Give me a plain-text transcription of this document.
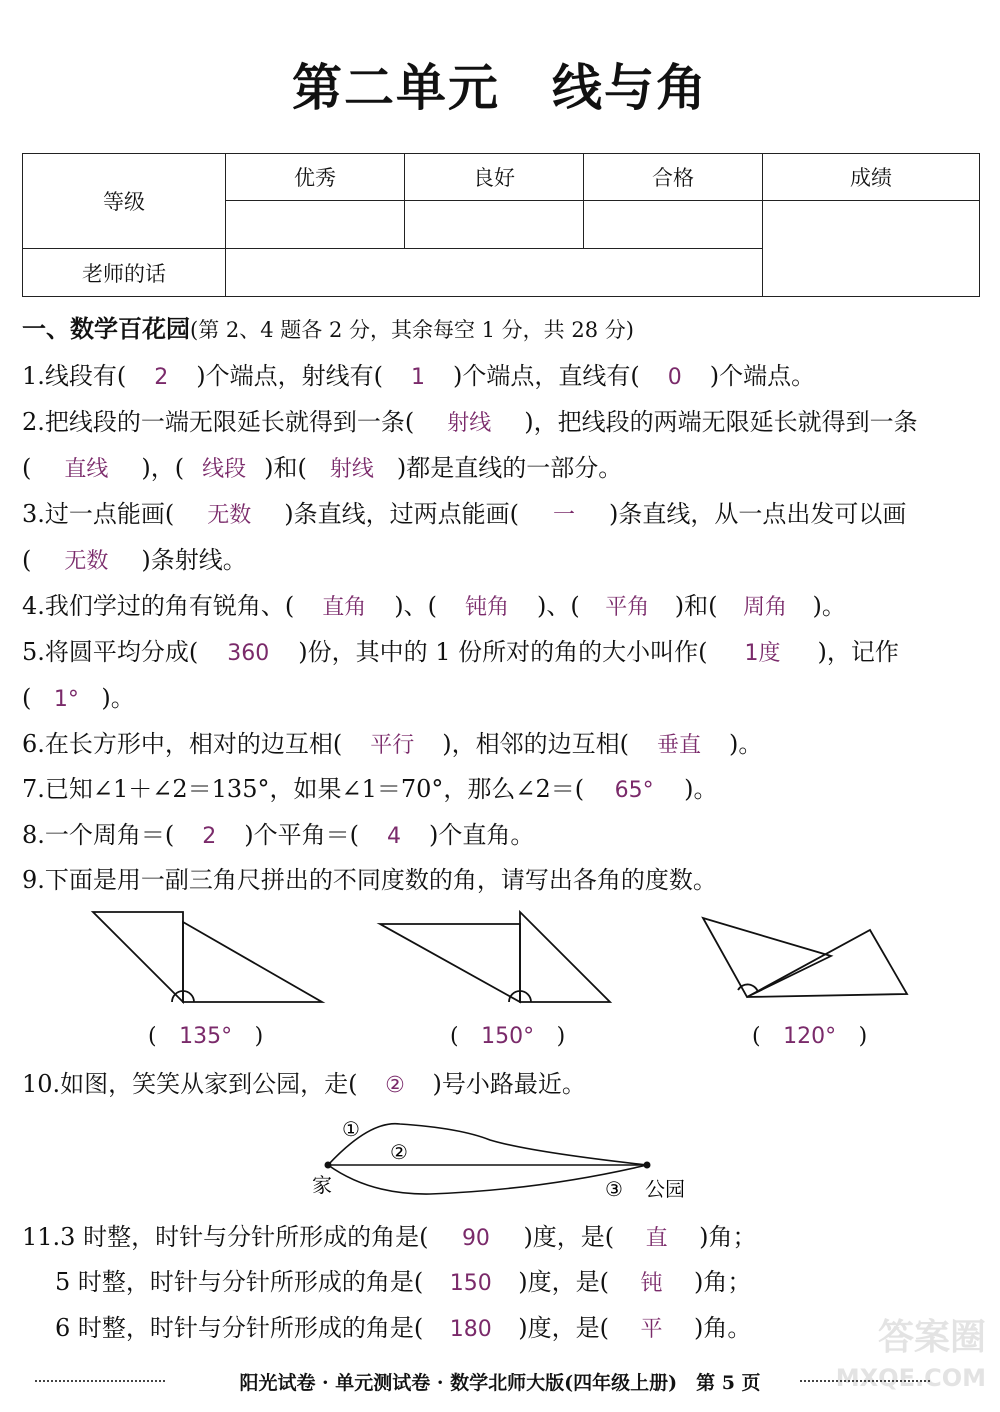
第二单元　线与角
等级	优秀	良好	合格	成绩

老师的话				
一、数学百花园(第 2、4 题各 2 分，其余每空 1 分，共 28 分)
1.线段有( 2 )个端点，射线有( 1 )个端点，直线有( 0 )个端点。
2.把线段的一端无限延长就得到一条( 射线 )，把线段的两端无限延长就得到一条
( 直线 )，( 线段 )和( 射线 )都是直线的一部分。
3.过一点能画( 无数 )条直线，过两点能画( 一 )条直线，从一点出发可以画
( 无数 )条射线。
4.我们学过的角有锐角、( 直角 )、( 钝角 )、( 平角 )和( 周角 )。
5.将圆平均分成( 360 )份，其中的 1 份所对的角的大小叫作( 1度 )，记作
( 1° )。
6.在长方形中，相对的边互相( 平行 )，相邻的边互相( 垂直 )。
7.已知∠1＋∠2＝135°，如果∠1＝70°，那么∠2＝( 65° )。
8.一个周角＝( 2 )个平角＝( 4 )个直角。
9.下面是用一副三角尺拼出的不同度数的角，请写出各角的度数。
( 135° )	( 150° )	( 120° )
10.如图，笑笑从家到公园，走( ② )号小路最近。
①
②
③
家	公园
11.3 时整，时针与分针所形成的角是( 90 )度，是( 直 )角；
5 时整，时针与分针所形成的角是( 150 )度，是( 钝 )角；
6 时整，时针与分针所形成的角是( 180 )度，是( 平 )角。	答案圈
MXQE.COM
阳光试卷 · 单元测试卷 · 数学北师大版(四年级上册)　第 5 页
